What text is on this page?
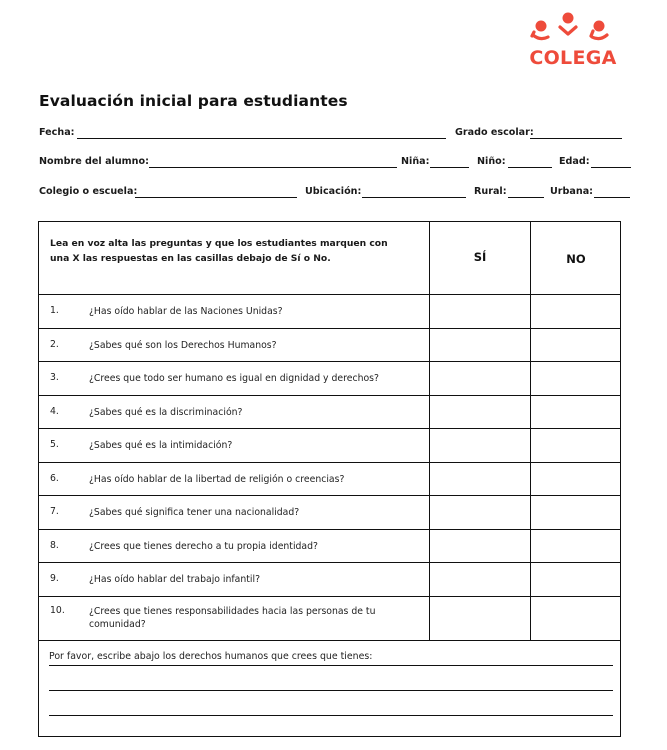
COLEGA
Evaluación inicial para estudiantes
Fecha:	Grado escolar:
Nombre del alumno:	Niña:	Niño:	Edad:
Colegio o escuela:	Ubicación:	Rural:	Urbana:
Lea en voz alta las preguntas y que los estudiantes marquen con una X las respuestas en las casillas debajo de Sí o No.	SÍ	NO
1.	¿Has oído hablar de las Naciones Unidas?
2.	¿Sabes qué son los Derechos Humanos?
3.	¿Crees que todo ser humano es igual en dignidad y derechos?
4.	¿Sabes qué es la discriminación?
5.	¿Sabes qué es la intimidación?
6.	¿Has oído hablar de la libertad de religión o creencias?
7.	¿Sabes qué significa tener una nacionalidad?
8.	¿Crees que tienes derecho a tu propia identidad?
9.	¿Has oído hablar del trabajo infantil?
10.	¿Crees que tienes responsabilidades hacia las personas de tu comunidad?
Por favor, escribe abajo los derechos humanos que crees que tienes:
